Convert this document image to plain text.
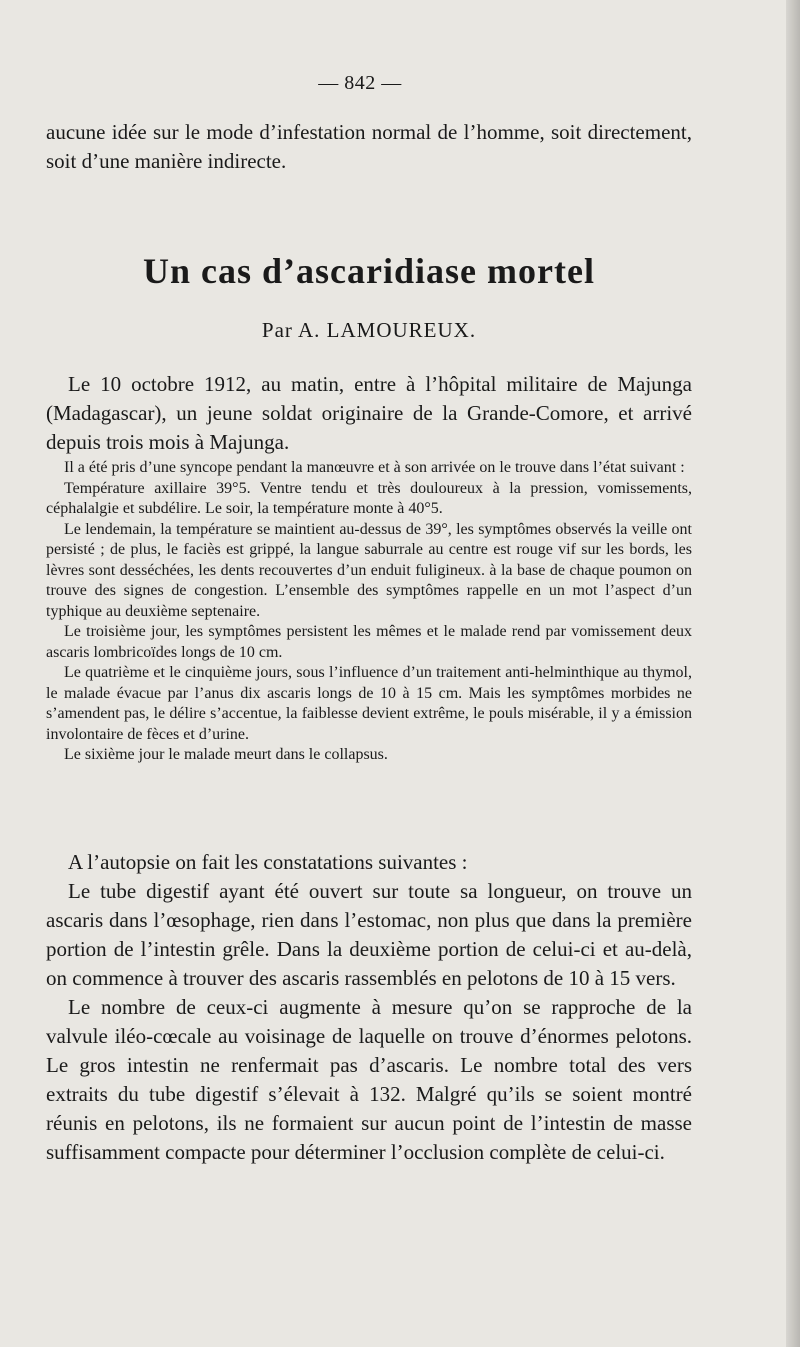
— 842 —

aucune idée sur le mode d’infestation normal de l’homme, soit directement, soit d’une manière indirecte.

Un cas d’ascaridiase mortel
Par A. LAMOUREUX.

Le 10 octobre 1912, au matin, entre à l’hôpital militaire de Majunga (Madagascar), un jeune soldat originaire de la Grande-Comore, et arrivé depuis trois mois à Majunga.

Il a été pris d’une syncope pendant la manœuvre et à son arrivée on le trouve dans l’état suivant :

Température axillaire 39°5. Ventre tendu et très douloureux à la pression, vomissements, céphalalgie et subdélire. Le soir, la température monte à 40°5.

Le lendemain, la température se maintient au-dessus de 39°, les symptômes observés la veille ont persisté ; de plus, le faciès est grippé, la langue saburrale au centre est rouge vif sur les bords, les lèvres sont desséchées, les dents recouvertes d’un enduit fuligineux. à la base de chaque poumon on trouve des signes de congestion. L’ensemble des symptômes rappelle en un mot l’aspect d’un typhique au deuxième septenaire.

Le troisième jour, les symptômes persistent les mêmes et le malade rend par vomissement deux ascaris lombricoïdes longs de 10 cm.

Le quatrième et le cinquième jours, sous l’influence d’un traitement anti-helminthique au thymol, le malade évacue par l’anus dix ascaris longs de 10 à 15 cm. Mais les symptômes morbides ne s’amendent pas, le délire s’accentue, la faiblesse devient extrême, le pouls misérable, il y a émission involontaire de fèces et d’urine.

Le sixième jour le malade meurt dans le collapsus.

A l’autopsie on fait les constatations suivantes :

Le tube digestif ayant été ouvert sur toute sa longueur, on trouve un ascaris dans l’œsophage, rien dans l’estomac, non plus que dans la première portion de l’intestin grêle. Dans la deuxième portion de celui-ci et au-delà, on commence à trouver des ascaris rassemblés en pelotons de 10 à 15 vers.

Le nombre de ceux-ci augmente à mesure qu’on se rapproche de la valvule iléo-cœcale au voisinage de laquelle on trouve d’énormes pelotons. Le gros intestin ne renfermait pas d’ascaris. Le nombre total des vers extraits du tube digestif s’élevait à 132. Malgré qu’ils se soient montré réunis en pelotons, ils ne formaient sur aucun point de l’intestin de masse suffisamment compacte pour déterminer l’occlusion complète de celui-ci.
